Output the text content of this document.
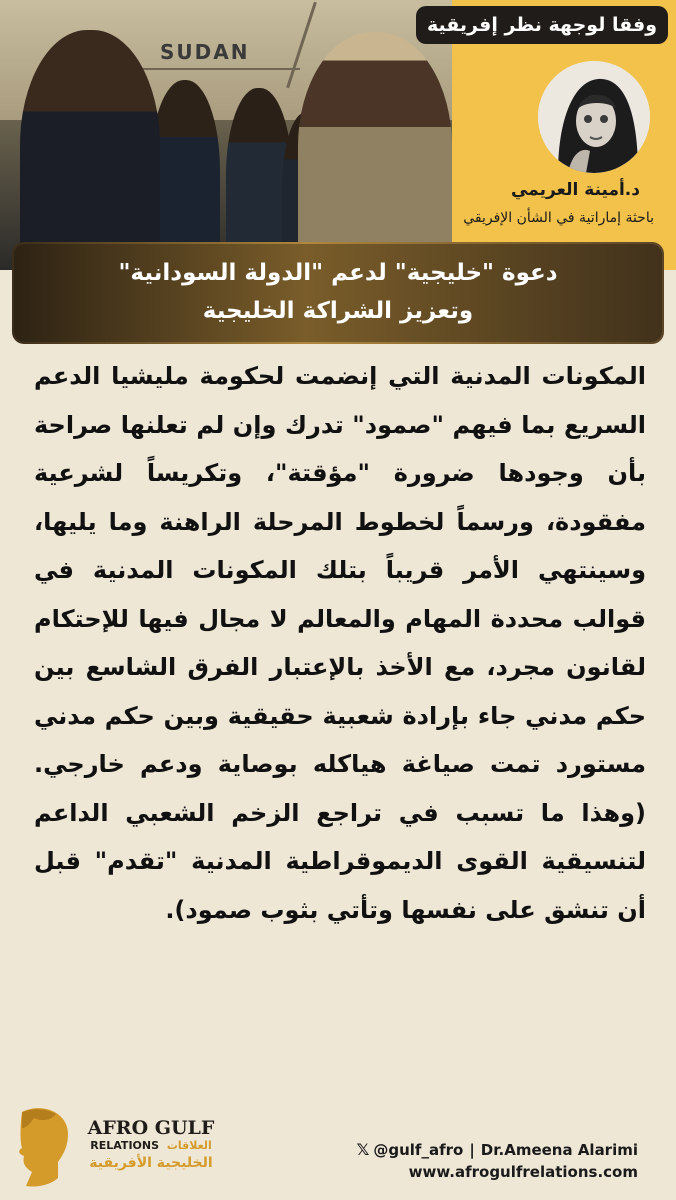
SUDAN
وفقا لوجهة نظر إفريقية
د.أمينة العريمي
باحثة إماراتية في الشأن الإفريقي
دعوة "خليجية" لدعم "الدولة السودانية"
وتعزيز الشراكة الخليجية
المكونات المدنية التي إنضمت لحكومة مليشيا الدعم السريع بما فيهم "صمود" تدرك وإن لم تعلنها صراحة بأن وجودها ضرورة "مؤقتة"، وتكريساً لشرعية مفقودة، ورسماً لخطوط المرحلة الراهنة وما يليها، وسينتهي الأمر قريباً بتلك المكونات المدنية في قوالب محددة المهام والمعالم لا مجال فيها للإحتكام لقانون مجرد، مع الأخذ بالإعتبار الفرق الشاسع بين حكم مدني جاء بإرادة شعبية حقيقية وبين حكم مدني مستورد تمت صياغة هياكله بوصاية ودعم خارجي. (وهذا ما تسبب في تراجع الزخم الشعبي الداعم لتنسيقية القوى الديموقراطية المدنية "تقدم" قبل أن تنشق على نفسها وتأتي بثوب صمود).
AFRO GULF
RELATIONS العلاقات
الخليجية الأفريقية
𝕏 @gulf_afro | Dr.Ameena Alarimi
www.afrogulfrelations.com
